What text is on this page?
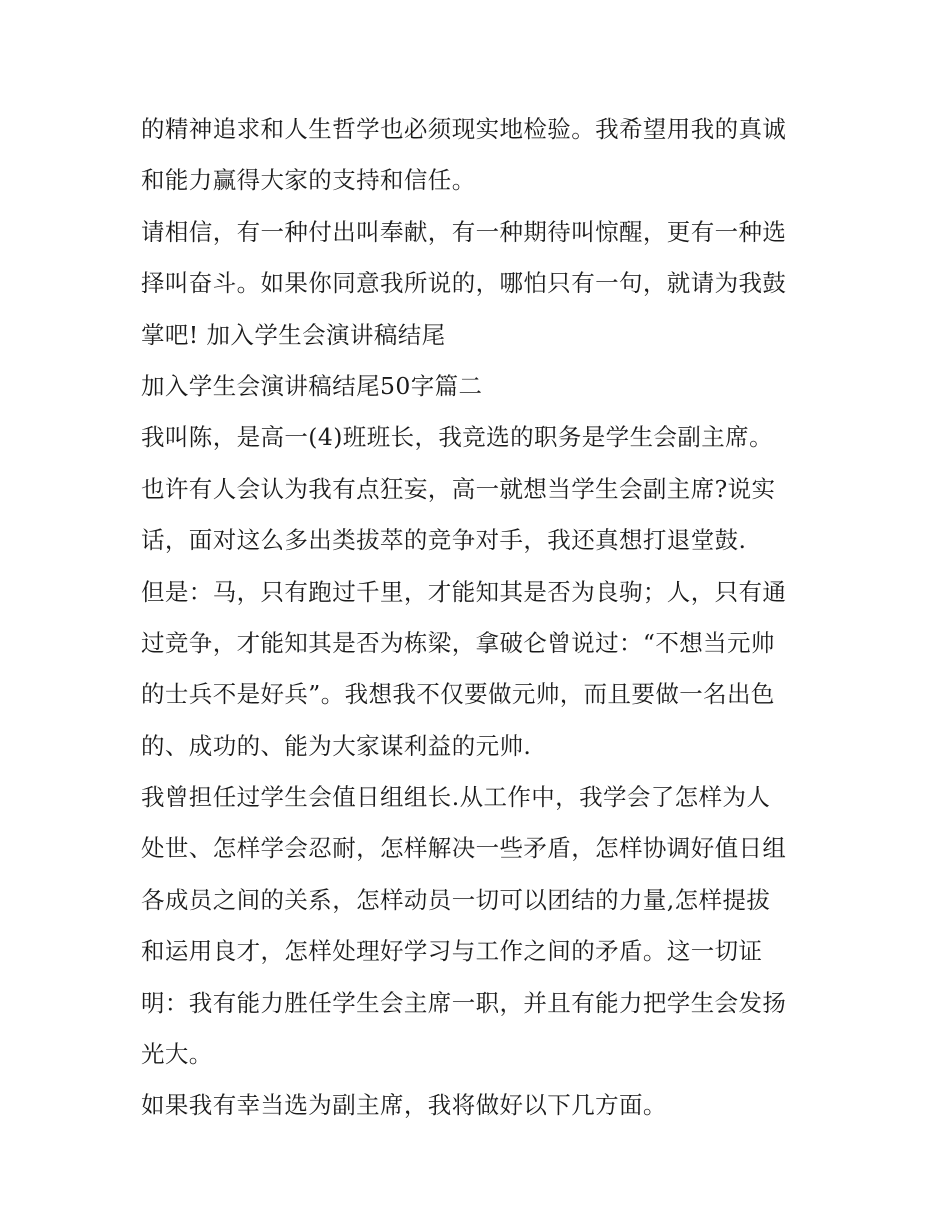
的精神追求和人生哲学也必须现实地检验。我希望用我的真诚
和能力赢得大家的支持和信任。
请相信，有一种付出叫奉献，有一种期待叫惊醒，更有一种选
择叫奋斗。如果你同意我所说的，哪怕只有一句，就请为我鼓
掌吧! 加入学生会演讲稿结尾
加入学生会演讲稿结尾50字篇二
我叫陈，是高一(4)班班长，我竞选的职务是学生会副主席。
也许有人会认为我有点狂妄，高一就想当学生会副主席?说实
话，面对这么多出类拔萃的竞争对手，我还真想打退堂鼓.
但是：马，只有跑过千里，才能知其是否为良驹；人，只有通
过竞争，才能知其是否为栋梁，拿破仑曾说过：“不想当元帅
的士兵不是好兵”。我想我不仅要做元帅，而且要做一名出色
的、成功的、能为大家谋利益的元帅.
我曾担任过学生会值日组组长.从工作中，我学会了怎样为人
处世、怎样学会忍耐，怎样解决一些矛盾，怎样协调好值日组
各成员之间的关系，怎样动员一切可以团结的力量,怎样提拔
和运用良才，怎样处理好学习与工作之间的矛盾。这一切证
明：我有能力胜任学生会主席一职，并且有能力把学生会发扬
光大。
如果我有幸当选为副主席，我将做好以下几方面。
